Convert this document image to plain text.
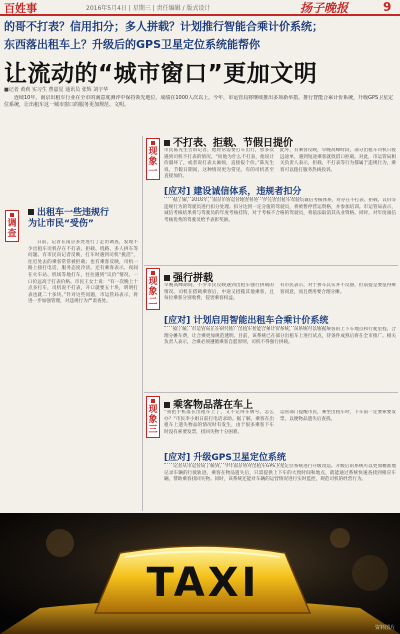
百姓事	2016年5月4日 | 星期三 | 责任编辑 / 版式设计	扬子晚报	9
的哥不打表？信用扣分；多人拼载？计划推行智能合乘计价系统；
东西落出租车上？升级后的GPS卫星定位系统能帮你
让流动的“城市窗口”更加文明
■记者 黄莉 实习生 曹嘉星 通讯员 张辉 刘宇华
连续10年，南京出租车行业在全市的满意度测评中保持领先地位，成绩在1000人次以上。今年，市运管局将继续推出多项新举措，推行智能合乘计价系统，升级GPS卫星定位系统，让出租车这一城市窗口的服务更加规范、文明。
调查
出租车一些违规行为让市民“受伤”
日前，记者在南京多处进行了走访调查，发现不少出租车司机存在不打表、拒载、绕路、多人拼车等问题。有市民向记者反映，打车时遇到司机“挑活”，往近处去的乘客常常被拒载；也有乘客反映，司机一路上接打电话，服务态度冷淡。还有乘客表示，夜间在火车站、机场等地打车，往往遇到“议价”情况，一口价远高于打表价格。市民王女士说：“有一次晚上十点多打车，司机说不打表，开口就要五十块，明明打表也就二十多块。”针对这些问题，市运管局表示，将进一步加强管理，对违规行为严肃查处。
现象一
不打表、拒载、节假日提价
市民陈先生告诉记者，他经常需要打车出行，曾多次遇到司机不打表的情况。“问他为什么不打表，他说计价器坏了，或者说打表太麻烦，直接报个价。”陈先生说，节假日期间，这种情况更为常见，有的司机甚至直接加价。
此外，有乘客反映，早晚高峰时段，部分出租车司机只接远途单，遇到短途乘客就找借口拒载。对此，市运管局相关负责人表示，拒载、不打表等行为都属于违规行为，乘客可以拨打服务热线投诉。
[应对] 建设诚信体系，违规者扣分
据了解，2016年，南京市客运管理处将进一步完善出租车驾驶员诚信考核体系，对存在不打表、拒载、议价等违规行为的驾驶员进行扣分处理。扣分达到一定分值的驾驶员，将被暂停营运资格，并参加培训。市运管局表示，诚信考核结果将与驾驶员的年度考核挂钩，对于考核不合格的驾驶员，将依法取消其从业资格。同时，对年度诚信考核优秀的驾驶员给予表彰奖励。
现象二
强行拼载
早晚高峰期间，不少市民反映遇到出租车强行拼载的情况。司机在搭载乘客后，中途又招揽其他乘客，且每位乘客分别收费，侵害乘客权益。
有市民表示，对于拼车其实并不反感，但前提是要征得乘客同意，而且费用要合理分摊。
[应对] 计划启用智能出租车合乘计价系统
据了解，市运管局正在研究推广出租车智能合乘计价系统，该系统可以根据乘客的上下车地点和行驶里程，合理分摊车费，让合乘更加规范透明。目前，该系统已在部分出租车上进行试点，待条件成熟后将在全市推广。相关负责人表示，合乘必须遵循乘客自愿原则，司机不得强行拼载。
现象三
乘客物品落在车上
“我把手机落在出租车上了，又不记得车牌号，怎么办？”市民李小姐日前打电话求助。据了解，乘客在出租车上遗失物品的情况时有发生，由于很多乘客下车时没有索要发票，找回失物十分困难。
运管部门提醒市民，乘坐出租车时，下车前一定要索要发票，以便物品遗失后查找。
[应对] 升级GPS卫星定位系统
记者从市运管局了解到，今年南京将对出租车GPS卫星定位系统进行升级改造。升级后的系统可以更加精准地记录车辆的行驶轨迹，乘客在物品遗失后，只需提供上下车的大致时间和地点，就能通过系统快速查找到相应车辆，帮助乘客找回失物。同时，该系统还能对车辆的运营情况进行实时监控，规范司机的经营行为。
TAXI
资料图片
